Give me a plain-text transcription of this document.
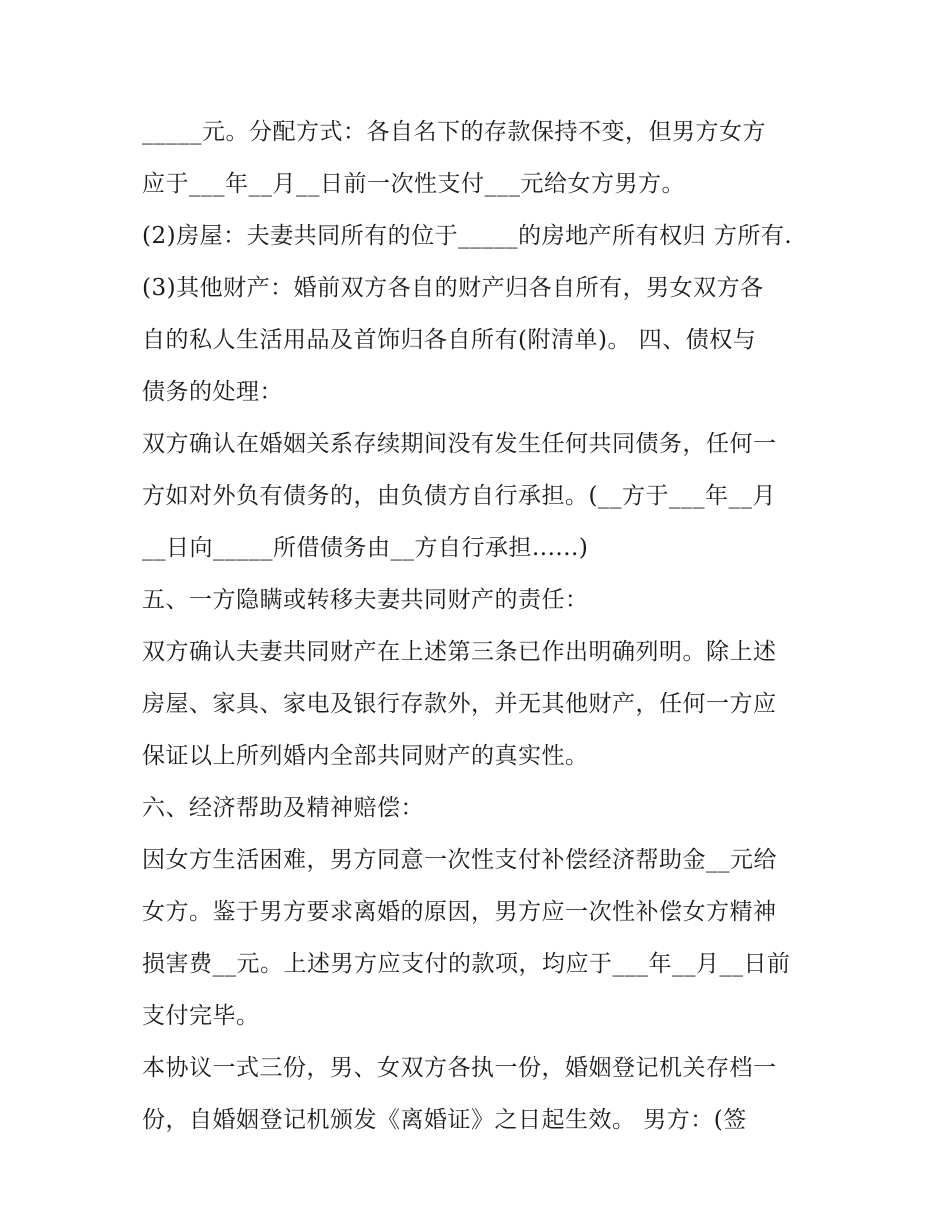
_____元。分配方式：各自名下的存款保持不变，但男方女方
应于___年__月__日前一次性支付___元给女方男方。
(2)房屋：夫妻共同所有的位于_____的房地产所有权归 方所有.
(3)其他财产：婚前双方各自的财产归各自所有，男女双方各
自的私人生活用品及首饰归各自所有(附清单)。 四、债权与
债务的处理：
双方确认在婚姻关系存续期间没有发生任何共同债务，任何一
方如对外负有债务的，由负债方自行承担。(__方于___年__月
__日向_____所借债务由__方自行承担......)
五、一方隐瞒或转移夫妻共同财产的责任：
双方确认夫妻共同财产在上述第三条已作出明确列明。除上述
房屋、家具、家电及银行存款外，并无其他财产，任何一方应
保证以上所列婚内全部共同财产的真实性。
六、经济帮助及精神赔偿：
因女方生活困难，男方同意一次性支付补偿经济帮助金__元给
女方。鉴于男方要求离婚的原因，男方应一次性补偿女方精神
损害费__元。上述男方应支付的款项，均应于___年__月__日前
支付完毕。
本协议一式三份，男、女双方各执一份，婚姻登记机关存档一
份，自婚姻登记机颁发《离婚证》之日起生效。 男方：(签
